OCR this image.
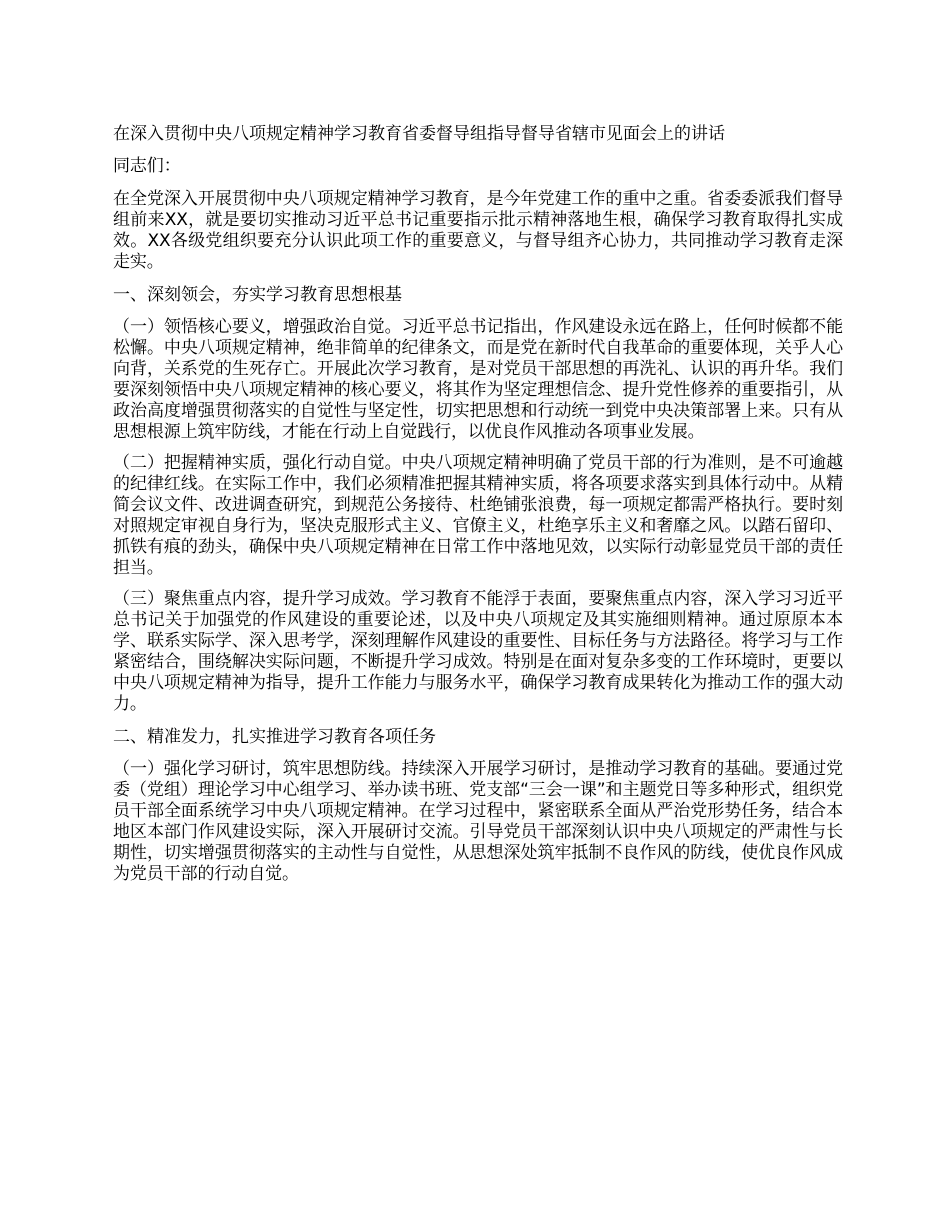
在深入贯彻中央八项规定精神学习教育省委督导组指导督导省辖市见面会上的讲话

同志们：

在全党深入开展贯彻中央八项规定精神学习教育，是今年党建工作的重中之重。省委委派我们督导组前来XX，就是要切实推动习近平总书记重要指示批示精神落地生根，确保学习教育取得扎实成效。XX各级党组织要充分认识此项工作的重要意义，与督导组齐心协力，共同推动学习教育走深走实。

一、深刻领会，夯实学习教育思想根基

（一）领悟核心要义，增强政治自觉。习近平总书记指出，作风建设永远在路上，任何时候都不能松懈。中央八项规定精神，绝非简单的纪律条文，而是党在新时代自我革命的重要体现，关乎人心向背，关系党的生死存亡。开展此次学习教育，是对党员干部思想的再洗礼、认识的再升华。我们要深刻领悟中央八项规定精神的核心要义，将其作为坚定理想信念、提升党性修养的重要指引，从政治高度增强贯彻落实的自觉性与坚定性，切实把思想和行动统一到党中央决策部署上来。只有从思想根源上筑牢防线，才能在行动上自觉践行，以优良作风推动各项事业发展。

（二）把握精神实质，强化行动自觉。中央八项规定精神明确了党员干部的行为准则，是不可逾越的纪律红线。在实际工作中，我们必须精准把握其精神实质，将各项要求落实到具体行动中。从精简会议文件、改进调查研究，到规范公务接待、杜绝铺张浪费，每一项规定都需严格执行。要时刻对照规定审视自身行为，坚决克服形式主义、官僚主义，杜绝享乐主义和奢靡之风。以踏石留印、抓铁有痕的劲头，确保中央八项规定精神在日常工作中落地见效，以实际行动彰显党员干部的责任担当。

（三）聚焦重点内容，提升学习成效。学习教育不能浮于表面，要聚焦重点内容，深入学习习近平总书记关于加强党的作风建设的重要论述，以及中央八项规定及其实施细则精神。通过原原本本学、联系实际学、深入思考学，深刻理解作风建设的重要性、目标任务与方法路径。将学习与工作紧密结合，围绕解决实际问题，不断提升学习成效。特别是在面对复杂多变的工作环境时，更要以中央八项规定精神为指导，提升工作能力与服务水平，确保学习教育成果转化为推动工作的强大动力。

二、精准发力，扎实推进学习教育各项任务

（一）强化学习研讨，筑牢思想防线。持续深入开展学习研讨，是推动学习教育的基础。要通过党委（党组）理论学习中心组学习、举办读书班、党支部“三会一课”和主题党日等多种形式，组织党员干部全面系统学习中央八项规定精神。在学习过程中，紧密联系全面从严治党形势任务，结合本地区本部门作风建设实际，深入开展研讨交流。引导党员干部深刻认识中央八项规定的严肃性与长期性，切实增强贯彻落实的主动性与自觉性，从思想深处筑牢抵制不良作风的防线，使优良作风成为党员干部的行动自觉。
